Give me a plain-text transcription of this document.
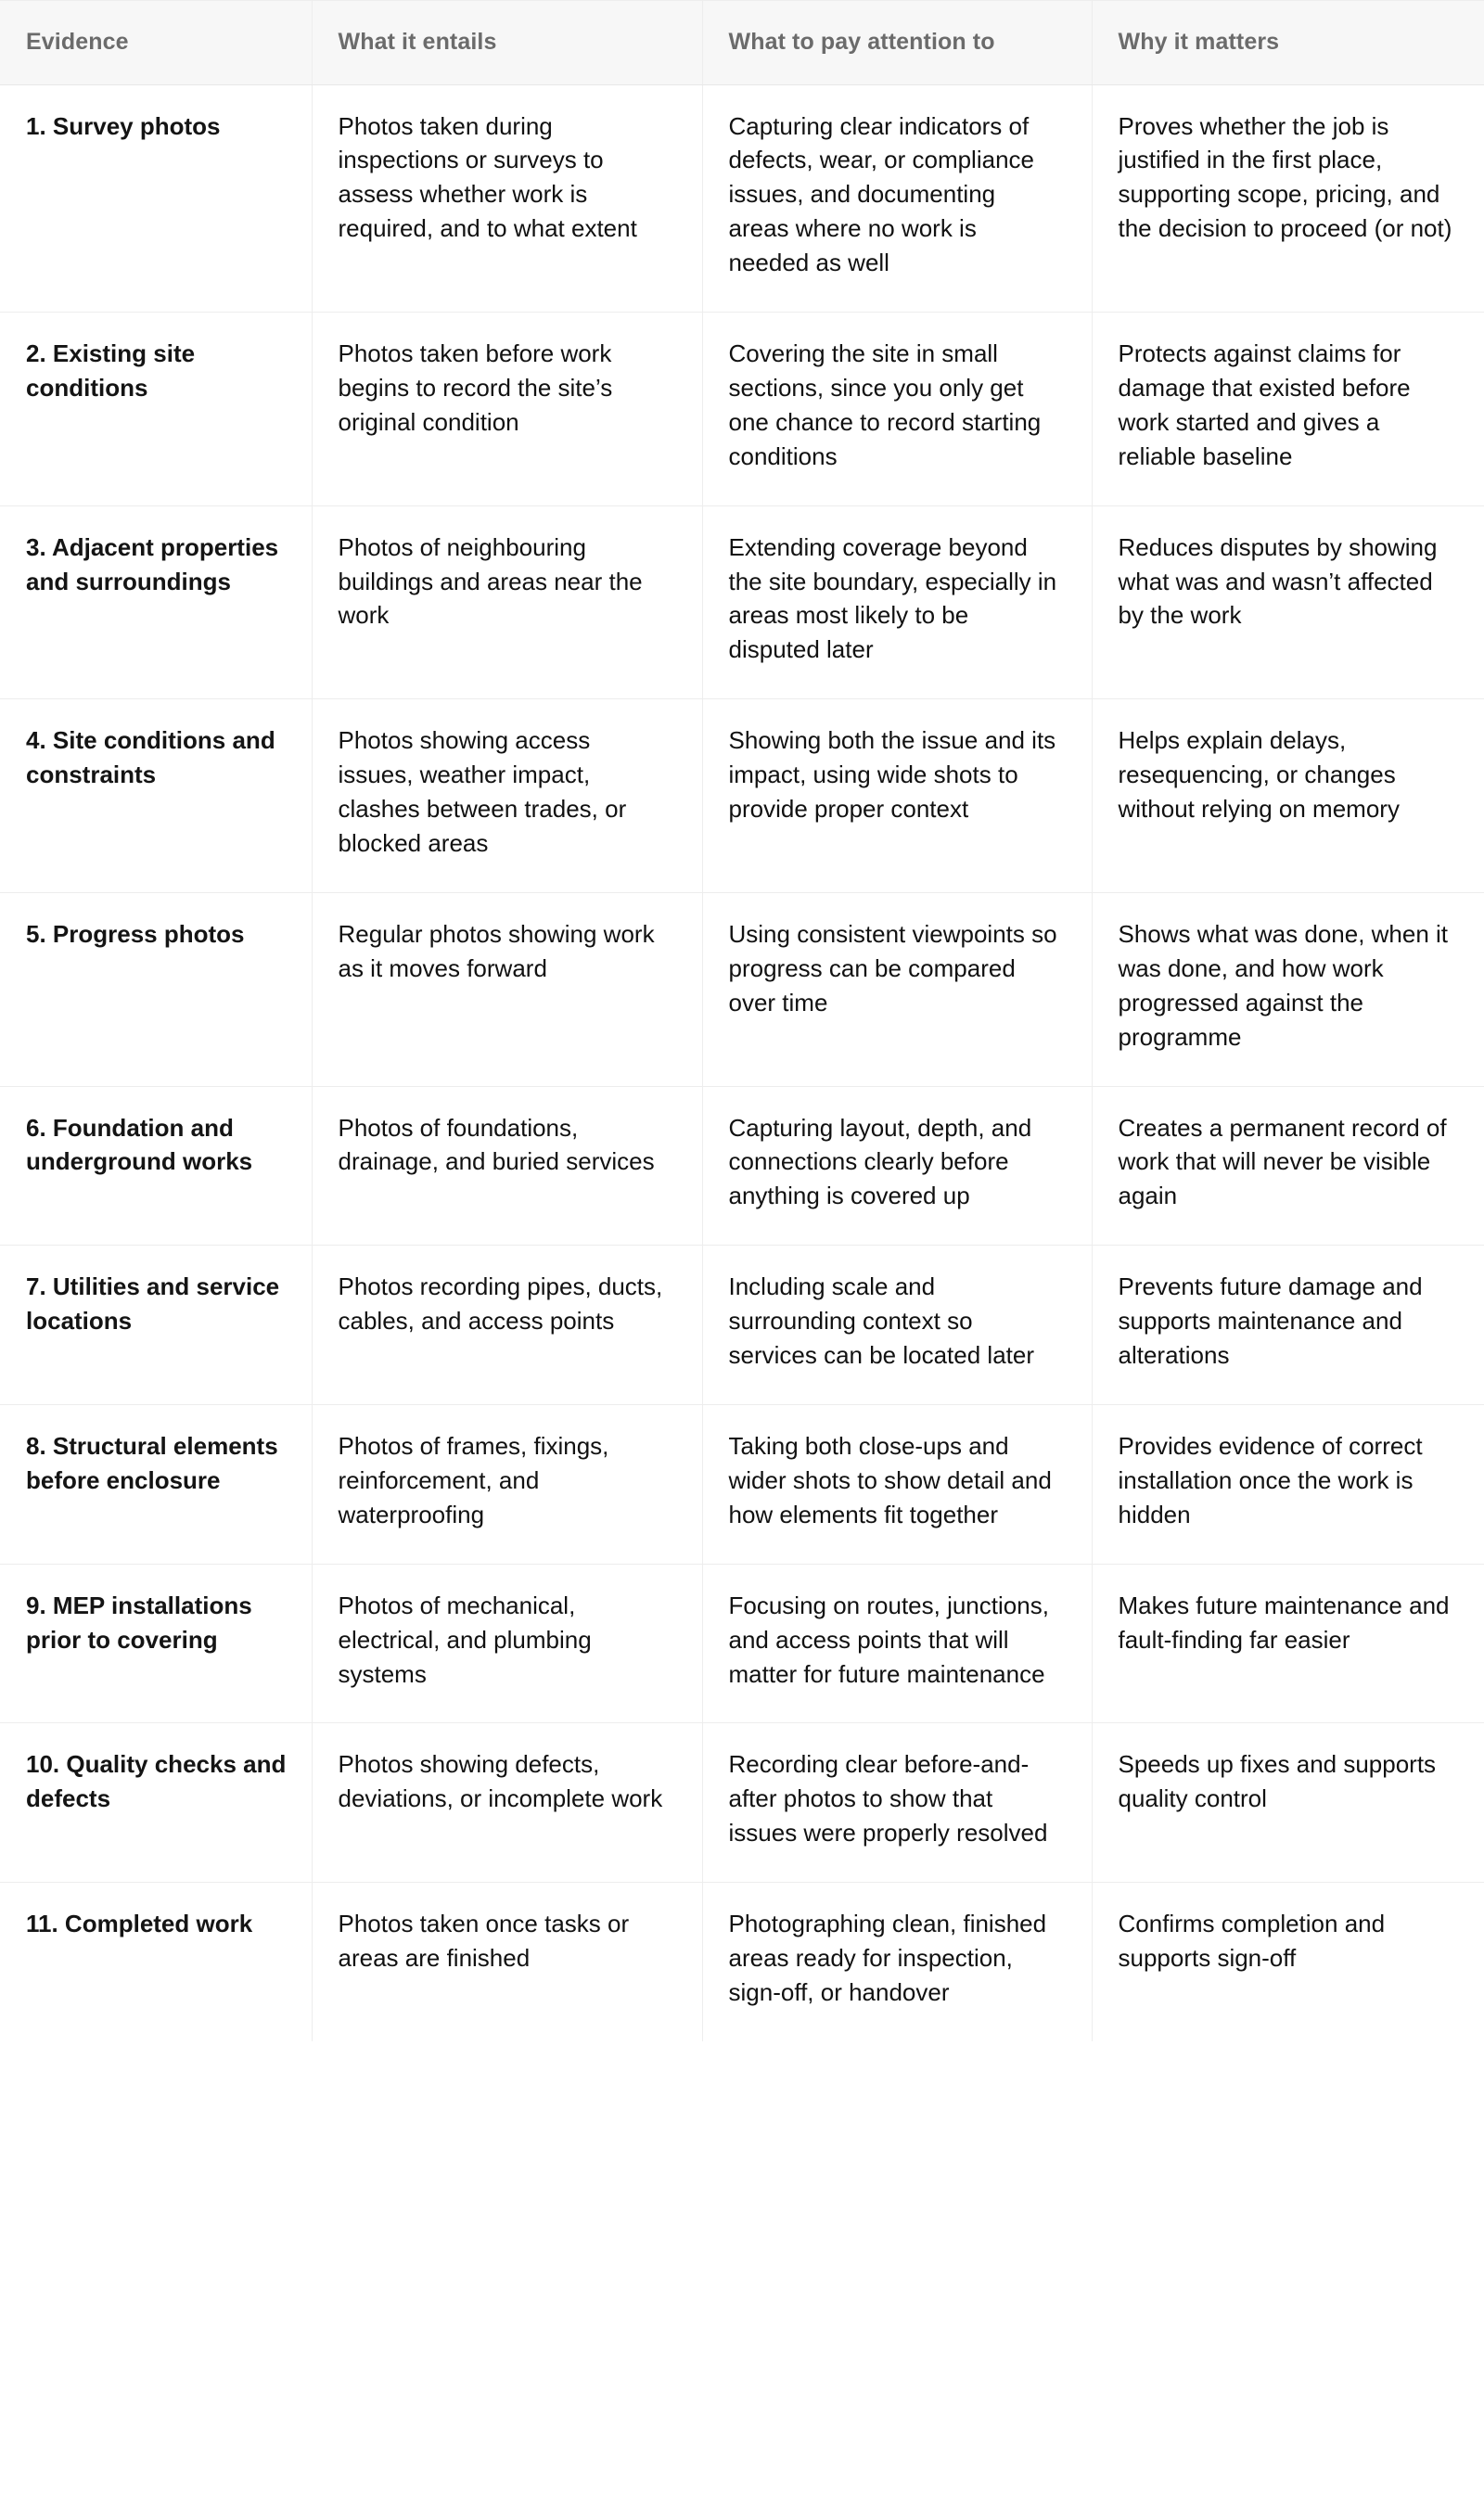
Evidence	What it entails	What to pay attention to	Why it matters
1. Survey photos	Photos taken during inspections or surveys to assess whether work is required, and to what extent	Capturing clear indicators of defects, wear, or compliance issues, and documenting areas where no work is needed as well	Proves whether the job is justified in the first place, supporting scope, pricing, and the decision to proceed (or not)
2. Existing site conditions	Photos taken before work begins to record the site’s original condition	Covering the site in small sections, since you only get one chance to record starting conditions	Protects against claims for damage that existed before work started and gives a reliable baseline
3. Adjacent properties and surroundings	Photos of neighbouring buildings and areas near the work	Extending coverage beyond the site boundary, especially in areas most likely to be disputed later	Reduces disputes by showing what was and wasn’t affected by the work
4. Site conditions and constraints	Photos showing access issues, weather impact, clashes between trades, or blocked areas	Showing both the issue and its impact, using wide shots to provide proper context	Helps explain delays, resequencing, or changes without relying on memory
5. Progress photos	Regular photos showing work as it moves forward	Using consistent viewpoints so progress can be compared over time	Shows what was done, when it was done, and how work progressed against the programme
6. Foundation and underground works	Photos of foundations, drainage, and buried services	Capturing layout, depth, and connections clearly before anything is covered up	Creates a permanent record of work that will never be visible again
7. Utilities and service locations	Photos recording pipes, ducts, cables, and access points	Including scale and surrounding context so services can be located later	Prevents future damage and supports maintenance and alterations
8. Structural elements before enclosure	Photos of frames, fixings, reinforcement, and waterproofing	Taking both close-ups and wider shots to show detail and how elements fit together	Provides evidence of correct installation once the work is hidden
9. MEP installations prior to covering	Photos of mechanical, electrical, and plumbing systems	Focusing on routes, junctions, and access points that will matter for future maintenance	Makes future maintenance and fault-finding far easier
10. Quality checks and defects	Photos showing defects, deviations, or incomplete work	Recording clear before-and-after photos to show that issues were properly resolved	Speeds up fixes and supports quality control
11. Completed work	Photos taken once tasks or areas are finished	Photographing clean, finished areas ready for inspection, sign-off, or handover	Confirms completion and supports sign-off
